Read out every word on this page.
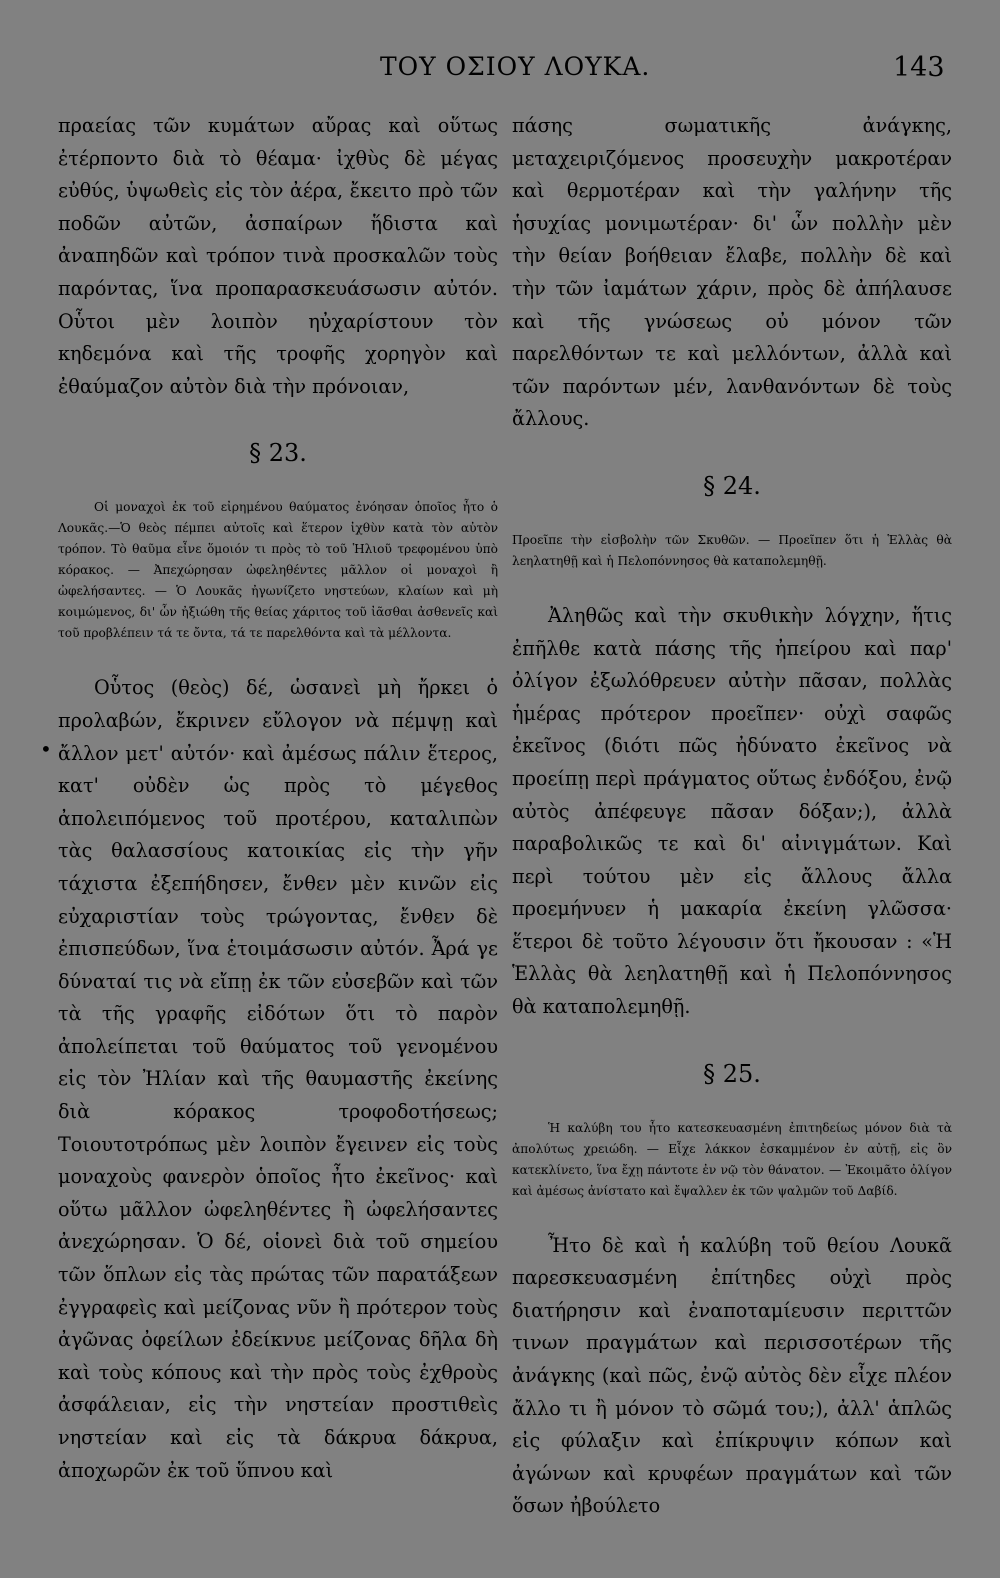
ΤΟΥ ΟΣΙΟΥ ΛΟΥΚΑ.	143

πραείας τῶν κυμάτων αὔρας καὶ οὕτως ἐτέρποντο διὰ τὸ θέαμα· ἰχθὺς δὲ μέγας εὐθύς, ὑψωθεὶς εἰς τὸν ἀέρα, ἔκειτο πρὸ τῶν ποδῶν αὐτῶν, ἀσπαίρων ἥδιστα καὶ ἀναπηδῶν καὶ τρόπον τινὰ προσκαλῶν τοὺς παρόντας, ἵνα προπαρασκευάσωσιν αὐτόν. Οὗτοι μὲν λοιπὸν ηὐχαρίστουν τὸν κηδεμόνα καὶ τῆς τροφῆς χορηγὸν καὶ ἐθαύμαζον αὐτὸν διὰ τὴν πρόνοιαν,

§ 23.

Οἱ μοναχοὶ ἐκ τοῦ εἰρημένου θαύματος ἐνόησαν ὁποῖος ἦτο ὁ Λουκᾶς.—Ὁ θεὸς πέμπει αὐτοῖς καὶ ἕτερον ἰχθὺν κατὰ τὸν αὐτὸν τρόπον. Τὸ θαῦμα εἶνε ὅμοιόν τι πρὸς τὸ τοῦ Ἡλιοῦ τρεφομένου ὑπὸ κόρακος. — Ἀπεχώρησαν ὠφεληθέντες μᾶλλον οἱ μοναχοὶ ἢ ὠφελήσαντες. — Ὁ Λουκᾶς ἠγωνίζετο νηστεύων, κλαίων καὶ μὴ κοιμώμενος, δι' ὧν ἠξιώθη τῆς θείας χάριτος τοῦ ἰᾶσθαι ἀσθενεῖς καὶ τοῦ προβλέπειν τά τε ὄντα, τά τε παρελθόντα καὶ τὰ μέλλοντα.

Οὗτος (θεὸς) δέ, ὡσανεὶ μὴ ἤρκει ὁ προλαβών, ἔκρινεν εὔλογον νὰ πέμψῃ καὶ ἄλλον μετ' αὐτόν· καὶ ἀμέσως πάλιν ἕτερος, κατ' οὐδὲν ὡς πρὸς τὸ μέγεθος ἀπολειπόμενος τοῦ προτέρου, καταλιπὼν τὰς θαλασσίους κατοικίας εἰς τὴν γῆν τάχιστα ἐξεπήδησεν, ἔνθεν μὲν κινῶν εἰς εὐχαριστίαν τοὺς τρώγοντας, ἔνθεν δὲ ἐπισπεύδων, ἵνα ἑτοιμάσωσιν αὐτόν. Ἆρά γε δύναταί τις νὰ εἴπῃ ἐκ τῶν εὐσεβῶν καὶ τῶν τὰ τῆς γραφῆς εἰδότων ὅτι τὸ παρὸν ἀπολείπεται τοῦ θαύματος τοῦ γενομένου εἰς τὸν Ἠλίαν καὶ τῆς θαυμαστῆς ἐκείνης διὰ κόρακος τροφοδοτήσεως; Τοιουτοτρόπως μὲν λοιπὸν ἔγεινεν εἰς τοὺς μοναχοὺς φανερὸν ὁποῖος ἦτο ἐκεῖνος· καὶ οὕτω μᾶλλον ὠφεληθέντες ἢ ὠφελήσαντες ἀνεχώρησαν. Ὁ δέ, οἱονεὶ διὰ τοῦ σημείου τῶν ὅπλων εἰς τὰς πρώτας τῶν παρατάξεων ἐγγραφεὶς καὶ μείζονας νῦν ἢ πρότερον τοὺς ἀγῶνας ὀφείλων ἐδείκνυε μείζονας δῆλα δὴ καὶ τοὺς κόπους καὶ τὴν πρὸς τοὺς ἐχθροὺς ἀσφάλειαν, εἰς τὴν νηστείαν προστιθεὶς νηστείαν καὶ εἰς τὰ δάκρυα δάκρυα, ἀποχωρῶν ἐκ τοῦ ὕπνου καὶ

πάσης σωματικῆς ἀνάγκης, μεταχειριζόμενος προσευχὴν μακροτέραν καὶ θερμοτέραν καὶ τὴν γαλήνην τῆς ἡσυχίας μονιμωτέραν· δι' ὧν πολλὴν μὲν τὴν θείαν βοήθειαν ἔλαβε, πολλὴν δὲ καὶ τὴν τῶν ἰαμάτων χάριν, πρὸς δὲ ἀπήλαυσε καὶ τῆς γνώσεως οὐ μόνον τῶν παρελθόντων τε καὶ μελλόντων, ἀλλὰ καὶ τῶν παρόντων μέν, λανθανόντων δὲ τοὺς ἄλλους.

§ 24.

Προεῖπε τὴν εἰσβολὴν τῶν Σκυθῶν. — Προεῖπεν ὅτι ἡ Ἑλλὰς θὰ λεηλατηθῇ καὶ ἡ Πελοπόννησος θὰ καταπολεμηθῇ.

Ἀληθῶς καὶ τὴν σκυθικὴν λόγχην, ἥτις ἐπῆλθε κατὰ πάσης τῆς ἠπείρου καὶ παρ' ὀλίγον ἐξωλόθρευεν αὐτὴν πᾶσαν, πολλὰς ἡμέρας πρότερον προεῖπεν· οὐχὶ σαφῶς ἐκεῖνος (διότι πῶς ἠδύνατο ἐκεῖνος νὰ προείπῃ περὶ πράγματος οὕτως ἐνδόξου, ἐνῷ αὐτὸς ἀπέφευγε πᾶσαν δόξαν;), ἀλλὰ παραβολικῶς τε καὶ δι' αἰνιγμάτων. Καὶ περὶ τούτου μὲν εἰς ἄλλους ἄλλα προεμήνυεν ἡ μακαρία ἐκείνη γλῶσσα· ἕτεροι δὲ τοῦτο λέγουσιν ὅτι ἤκουσαν : «Ἡ Ἑλλὰς θὰ λεηλατηθῇ καὶ ἡ Πελοπόννησος θὰ καταπολεμηθῇ.

§ 25.

Ἡ καλύβη του ἦτο κατεσκευασμένη ἐπιτηδείως μόνον διὰ τὰ ἀπολύτως χρειώδη. — Εἶχε λάκκον ἐσκαμμένον ἐν αὐτῇ, εἰς ὃν κατεκλίνετο, ἵνα ἔχῃ πάντοτε ἐν νῷ τὸν θάνατον. — Ἐκοιμᾶτο ὀλίγον καὶ ἀμέσως ἀνίστατο καὶ ἔψαλλεν ἐκ τῶν ψαλμῶν τοῦ Δαβίδ.

Ἦτο δὲ καὶ ἡ καλύβη τοῦ θείου Λουκᾶ παρεσκευασμένη ἐπίτηδες οὐχὶ πρὸς διατήρησιν καὶ ἐναποταμίευσιν περιττῶν τινων πραγμάτων καὶ περισσοτέρων τῆς ἀνάγκης (καὶ πῶς, ἐνῷ αὐτὸς δὲν εἶχε πλέον ἄλλο τι ἢ μόνον τὸ σῶμά του;), ἀλλ' ἁπλῶς εἰς φύλαξιν καὶ ἐπίκρυψιν κόπων καὶ ἀγώνων καὶ κρυφέων πραγμάτων καὶ τῶν ὅσων ἠβούλετο

•
